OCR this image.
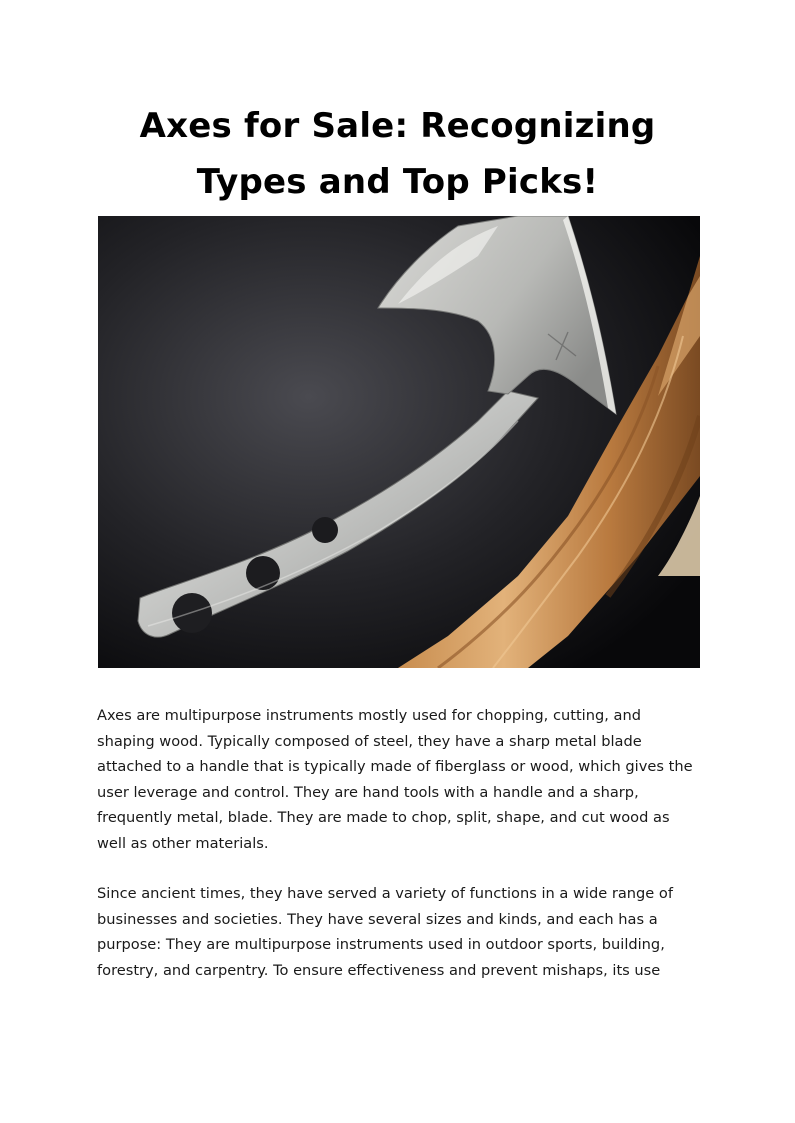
Axes for Sale: Recognizing Types and Top Picks!

Axes are multipurpose instruments mostly used for chopping, cutting, and shaping wood. Typically composed of steel, they have a sharp metal blade attached to a handle that is typically made of fiberglass or wood, which gives the user leverage and control. They are hand tools with a handle and a sharp, frequently metal, blade. They are made to chop, split, shape, and cut wood as well as other materials.

Since ancient times, they have served a variety of functions in a wide range of businesses and societies. They have several sizes and kinds, and each has a purpose: They are multipurpose instruments used in outdoor sports, building, forestry, and carpentry. To ensure effectiveness and prevent mishaps, its use
